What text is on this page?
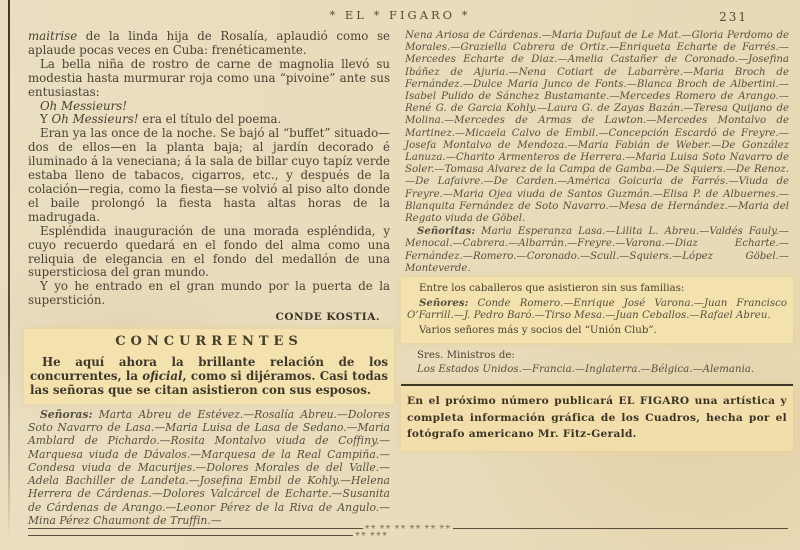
* EL * FIGARO *	231

maitrise de la linda hija de Rosalía, aplaudió como se aplaude pocas veces en Cuba: frenéticamente.

La bella niña de rostro de carne de magnolia llevó su modestia hasta murmurar roja como una “pivoine” ante sus entusiastas:

Oh Messieurs!

Y Oh Messieurs! era el título del poema.

Eran ya las once de la noche. Se bajó al “buffet” situado—dos de ellos—en la planta baja; al jardín decorado é iluminado á la veneciana; á la sala de billar cuyo tapíz verde estaba lleno de tabacos, cigarros, etc., y después de la colación—regia, como la fiesta—se volvió al piso alto donde el baile prolongó la fiesta hasta altas horas de la madrugada.

Espléndida inauguración de una morada espléndida, y cuyo recuerdo quedará en el fondo del alma como una reliquia de elegancia en el fondo del medallón de una supersticiosa del gran mundo.

Y yo he entrado en el gran mundo por la puerta de la superstición.

CONDE KOSTIA.
CONCURRENTES

He aquí ahora la brillante relación de los concurrentes, la oficial, como si dijéramos. Casi todas las señoras que se citan asistieron con sus esposos.

Señoras: Marta Abreu de Estévez.—Rosalía Abreu.—Dolores Soto Navarro de Lasa.—Maria Luisa de Lasa de Sedano.—Maria Amblard de Pichardo.—Rosita Montalvo viuda de Coffiny.—Marquesa viuda de Dávalos.—Marquesa de la Real Campiña.—Condesa viuda de Macurijes.—Dolores Morales de del Valle.—Adela Bachiller de Landeta.—Josefina Embil de Kohly.—Helena Herrera de Cárdenas.—Dolores Valcárcel de Echarte.—Susanita de Cárdenas de Arango.—Leonor Pérez de la Riva de Angulo.—Mina Pérez Chaumont de Truffin.—

✳✳ ✳✳✳

Nena Ariosa de Cárdenas.—Maria Dufaut de Le Mat.—Gloria Perdomo de Morales.—Graziella Cabrera de Ortiz.—Enriqueta Echarte de Farrés.—Mercedes Echarte de Diaz.—Amelia Castañer de Coronado.—Josefina Ibáñez de Ajuria.—Nena Cotiart de Labarrère.—Maria Broch de Fernández.—Dulce Maria Junco de Fonts.—Blanca Broch de Albertini.—Isabel Pulido de Sánchez Bustamante.—Mercedes Romero de Arango.—René G. de Garcia Kohly.—Laura G. de Zayas Bazán.—Teresa Quijano de Molina.—Mercedes de Armas de Lawton.—Mercedes Montalvo de Martinez.—Micaela Calvo de Embil.—Concepción Escardó de Freyre.—Josefa Montalvo de Mendoza.—Maria Fabián de Weber.—De González Lanuza.—Charito Armenteros de Herrera.—Maria Luisa Soto Navarro de Soler.—Tomasa Alvarez de la Campa de Gamba.—De Squiers.—De Renoz.—De Lafaivre.—De Carden.—América Goicuria de Farrés.—Viuda de Freyre.—Maria Ojea viuda de Santos Guzmán.—Elisa P. de Albuernes.—Blanquita Fernández de Soto Navarro.—Mesa de Hernández.—Maria del Regato viuda de Göbel.

Señoritas: Maria Esperanza Lasa.—Lilita L. Abreu.—Valdés Fauly.—Menocal.—Cabrera.—Albarrán.—Freyre.—Varona.—Diaz Echarte.—Fernández.—Romero.—Coronado.—Scull.—Squiers.—López Göbel.—Monteverde.

Entre los caballeros que asistieron sin sus familias:

Señores: Conde Romero.—Enrique José Varona.—Juan Francisco O’Farrill.—J. Pedro Baró.—Tirso Mesa.—Juan Ceballos.—Rafael Abreu.

Varios señores más y socios del “Unión Club”.

Sres. Ministros de:

Los Estados Unidos.—Francia.—Inglaterra.—Bélgica.—Alemania.

En el próximo número publicará EL FIGARO una artística y completa información gráfica de los Cuadros, hecha por el fotógrafo americano Mr. Fitz-Gerald.

✳✳ ✳✳ ✳✳ ✳✳ ✳✳ ✳✳
